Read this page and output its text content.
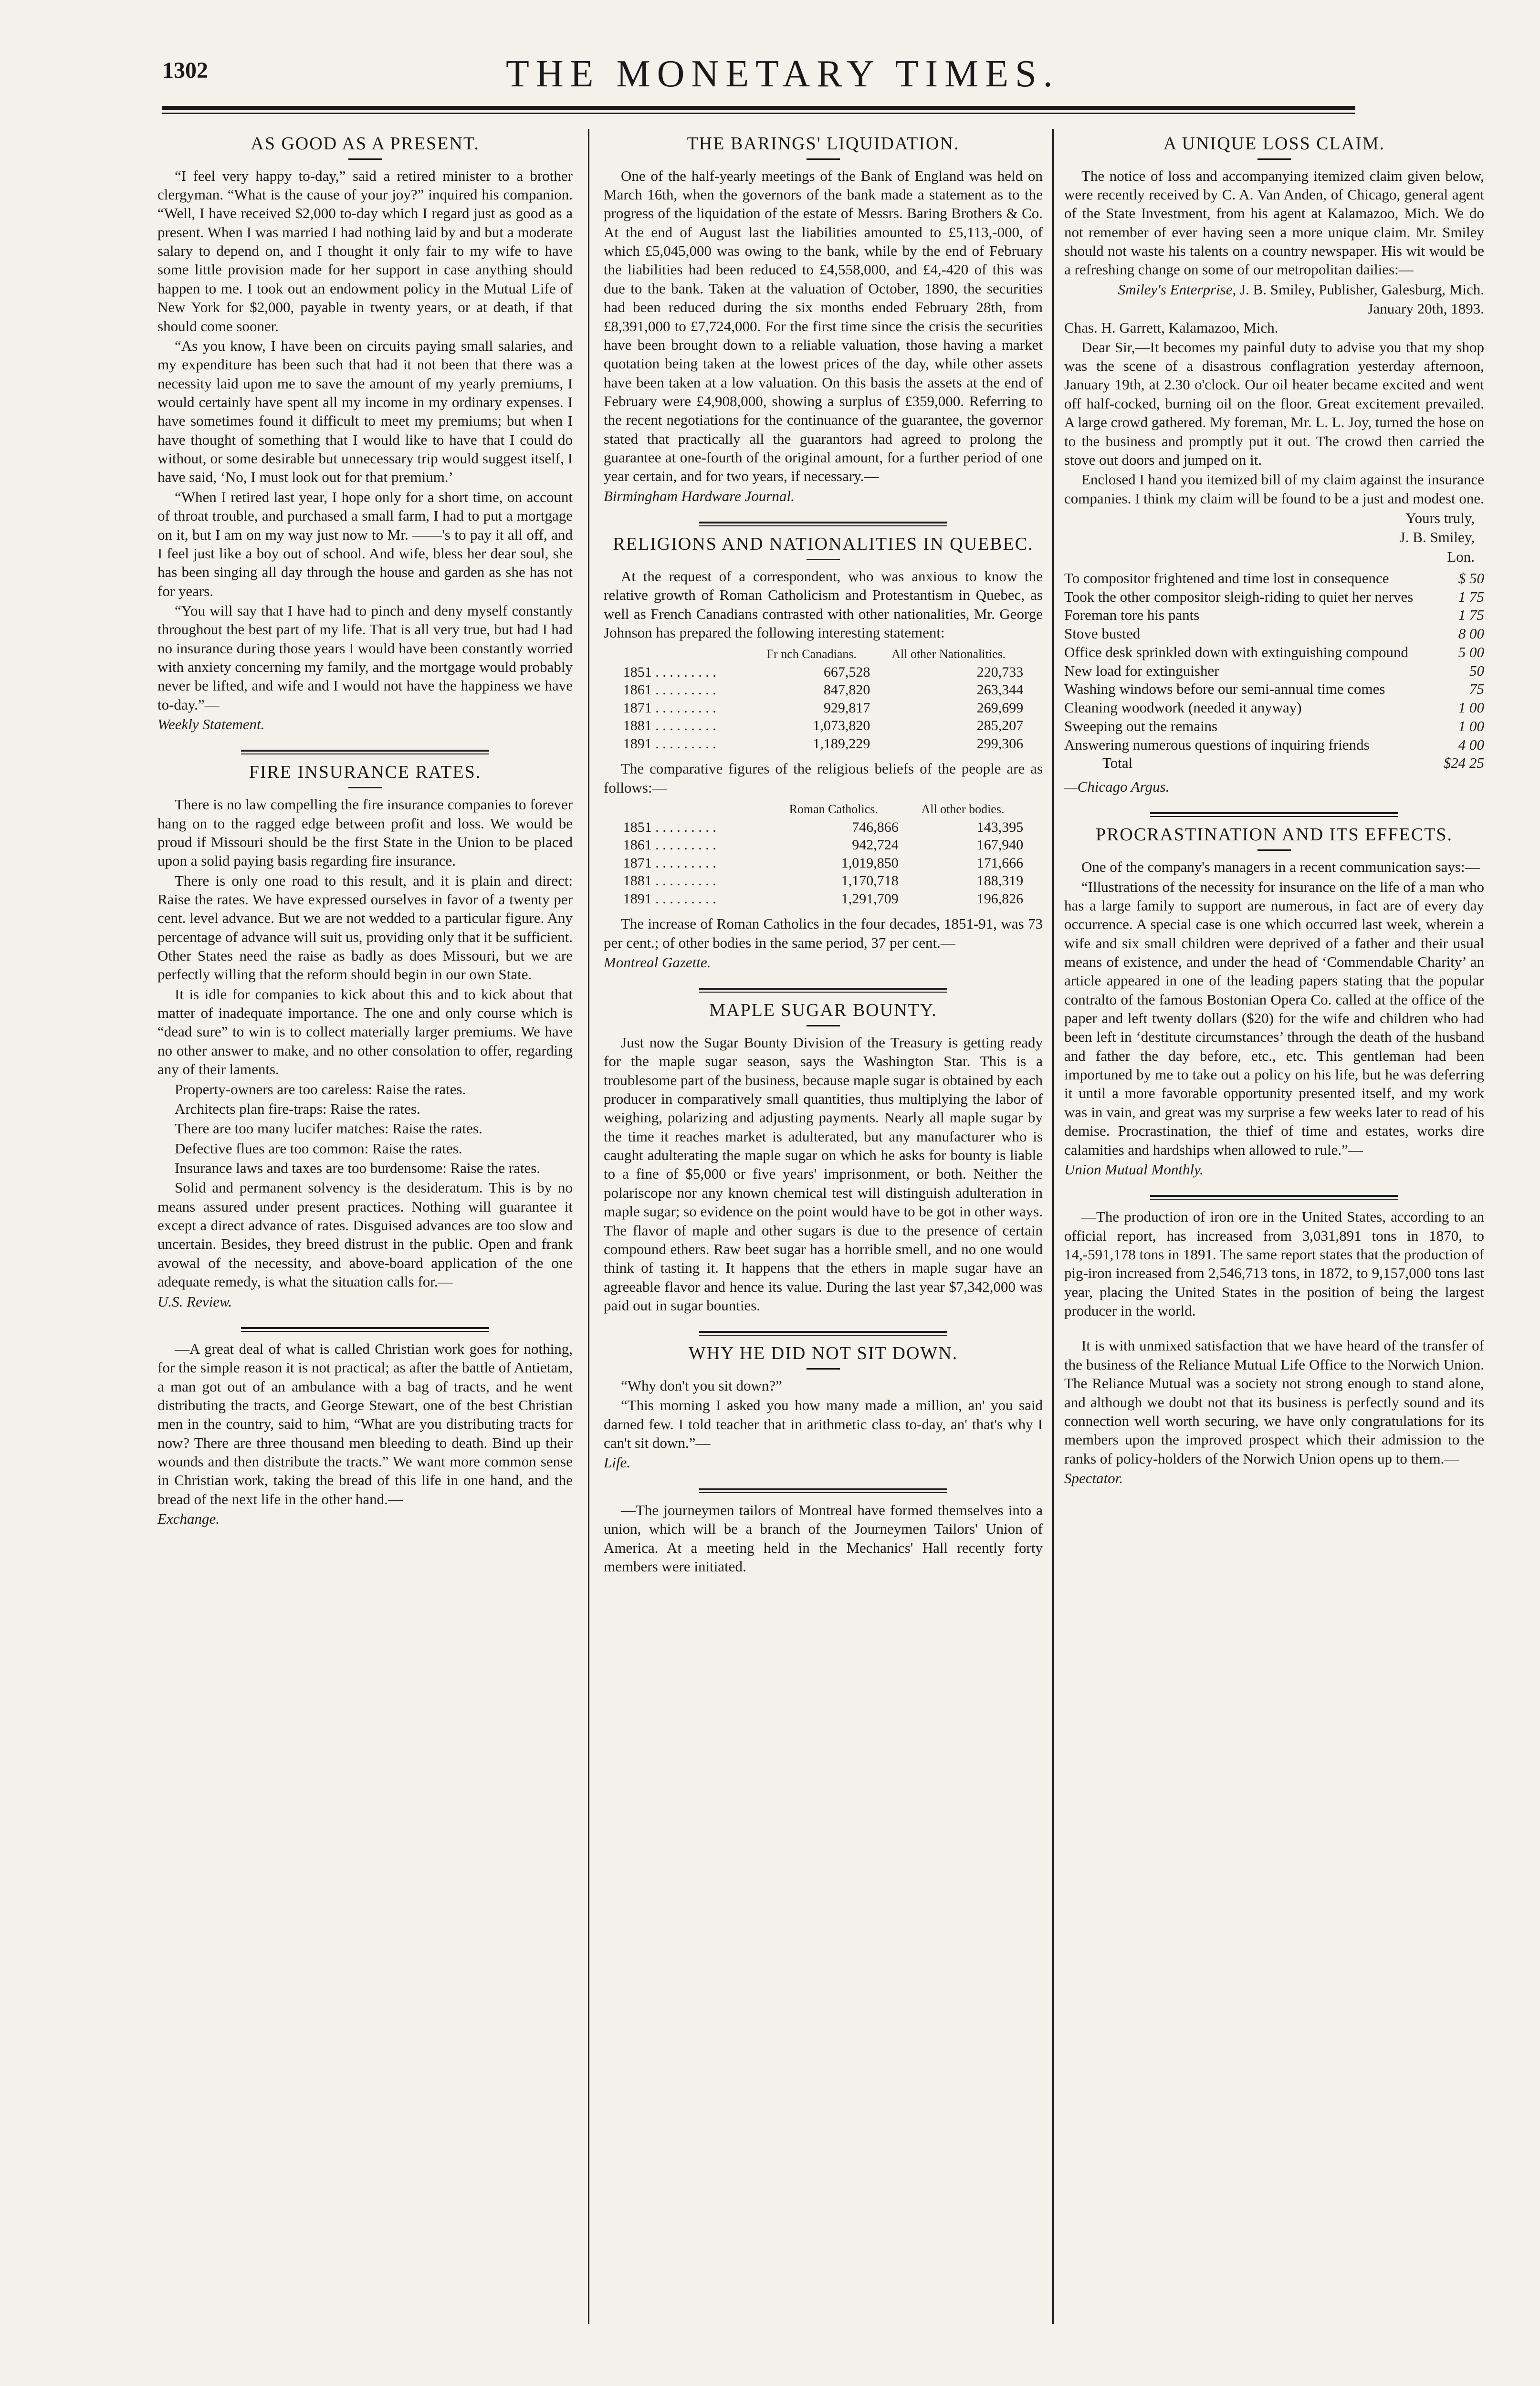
1302	THE MONETARY TIMES.
AS GOOD AS A PRESENT.

“I feel very happy to-day,” said a retired minister to a brother clergyman. “What is the cause of your joy?” inquired his companion. “Well, I have received $2,000 to-day which I regard just as good as a present. When I was married I had nothing laid by and but a moderate salary to depend on, and I thought it only fair to my wife to have some little provision made for her support in case anything should happen to me. I took out an endowment policy in the Mutual Life of New York for $2,000, payable in twenty years, or at death, if that should come sooner.

“As you know, I have been on circuits paying small salaries, and my expenditure has been such that had it not been that there was a necessity laid upon me to save the amount of my yearly premiums, I would certainly have spent all my income in my ordinary expenses. I have sometimes found it difficult to meet my premiums; but when I have thought of something that I would like to have that I could do without, or some desirable but unnecessary trip would suggest itself, I have said, ‘No, I must look out for that premium.’

“When I retired last year, I hope only for a short time, on account of throat trouble, and purchased a small farm, I had to put a mortgage on it, but I am on my way just now to Mr. ——'s to pay it all off, and I feel just like a boy out of school. And wife, bless her dear soul, she has been singing all day through the house and garden as she has not for years.

“You will say that I have had to pinch and deny myself constantly throughout the best part of my life. That is all very true, but had I had no insurance during those years I would have been constantly worried with anxiety concerning my family, and the mortgage would probably never be lifted, and wife and I would not have the happiness we have to-day.”—

Weekly Statement.

FIRE INSURANCE RATES.

There is no law compelling the fire insurance companies to forever hang on to the ragged edge between profit and loss. We would be proud if Missouri should be the first State in the Union to be placed upon a solid paying basis regarding fire insurance.

There is only one road to this result, and it is plain and direct: Raise the rates. We have expressed ourselves in favor of a twenty per cent. level advance. But we are not wedded to a particular figure. Any percentage of advance will suit us, providing only that it be sufficient. Other States need the raise as badly as does Missouri, but we are perfectly willing that the reform should begin in our own State.

It is idle for companies to kick about this and to kick about that matter of inadequate importance. The one and only course which is “dead sure” to win is to collect materially larger premiums. We have no other answer to make, and no other consolation to offer, regarding any of their laments.

Property-owners are too careless: Raise the rates.

Architects plan fire-traps: Raise the rates.

There are too many lucifer matches: Raise the rates.

Defective flues are too common: Raise the rates.

Insurance laws and taxes are too burdensome: Raise the rates.

Solid and permanent solvency is the desideratum. This is by no means assured under present practices. Nothing will guarantee it except a direct advance of rates. Disguised advances are too slow and uncertain. Besides, they breed distrust in the public. Open and frank avowal of the necessity, and above-board application of the one adequate remedy, is what the situation calls for.—

U.S. Review.

—A great deal of what is called Christian work goes for nothing, for the simple reason it is not practical; as after the battle of Antietam, a man got out of an ambulance with a bag of tracts, and he went distributing the tracts, and George Stewart, one of the best Christian men in the country, said to him, “What are you distributing tracts for now? There are three thousand men bleeding to death. Bind up their wounds and then distribute the tracts.” We want more common sense in Christian work, taking the bread of this life in one hand, and the bread of the next life in the other hand.—

Exchange.

THE BARINGS' LIQUIDATION.

One of the half-yearly meetings of the Bank of England was held on March 16th, when the governors of the bank made a statement as to the progress of the liquidation of the estate of Messrs. Baring Brothers & Co. At the end of August last the liabilities amounted to £5,113,-000, of which £5,045,000 was owing to the bank, while by the end of February the liabilities had been reduced to £4,558,000, and £4,-420 of this was due to the bank. Taken at the valuation of October, 1890, the securities had been reduced during the six months ended February 28th, from £8,391,000 to £7,724,000. For the first time since the crisis the securities have been brought down to a reliable valuation, those having a market quotation being taken at the lowest prices of the day, while other assets have been taken at a low valuation. On this basis the assets at the end of February were £4,908,000, showing a surplus of £359,000. Referring to the recent negotiations for the continuance of the guarantee, the governor stated that practically all the guarantors had agreed to prolong the guarantee at one-fourth of the original amount, for a further period of one year certain, and for two years, if necessary.—

Birmingham Hardware Journal.

RELIGIONS AND NATIONALITIES IN QUEBEC.

At the request of a correspondent, who was anxious to know the relative growth of Roman Catholicism and Protestantism in Quebec, as well as French Canadians contrasted with other nationalities, Mr. George Johnson has prepared the following interesting statement:

	Fr nch Canadians.	All other Nationalities.
1851 . . . . . . . . .	667,528	220,733
1861 . . . . . . . . .	847,820	263,344
1871 . . . . . . . . .	929,817	269,699
1881 . . . . . . . . .	1,073,820	285,207
1891 . . . . . . . . .	1,189,229	299,306

The comparative figures of the religious beliefs of the people are as follows:—

	Roman Catholics.	All other bodies.
1851 . . . . . . . . .	746,866	143,395
1861 . . . . . . . . .	942,724	167,940
1871 . . . . . . . . .	1,019,850	171,666
1881 . . . . . . . . .	1,170,718	188,319
1891 . . . . . . . . .	1,291,709	196,826

The increase of Roman Catholics in the four decades, 1851-91, was 73 per cent.; of other bodies in the same period, 37 per cent.—

Montreal Gazette.

MAPLE SUGAR BOUNTY.

Just now the Sugar Bounty Division of the Treasury is getting ready for the maple sugar season, says the Washington Star. This is a troublesome part of the business, because maple sugar is obtained by each producer in comparatively small quantities, thus multiplying the labor of weighing, polarizing and adjusting payments. Nearly all maple sugar by the time it reaches market is adulterated, but any manufacturer who is caught adulterating the maple sugar on which he asks for bounty is liable to a fine of $5,000 or five years' imprisonment, or both. Neither the polariscope nor any known chemical test will distinguish adulteration in maple sugar; so evidence on the point would have to be got in other ways. The flavor of maple and other sugars is due to the presence of certain compound ethers. Raw beet sugar has a horrible smell, and no one would think of tasting it. It happens that the ethers in maple sugar have an agreeable flavor and hence its value. During the last year $7,342,000 was paid out in sugar bounties.

WHY HE DID NOT SIT DOWN.

“Why don't you sit down?”

“This morning I asked you how many made a million, an' you said darned few. I told teacher that in arithmetic class to-day, an' that's why I can't sit down.”—

Life.

—The journeymen tailors of Montreal have formed themselves into a union, which will be a branch of the Journeymen Tailors' Union of America. At a meeting held in the Mechanics' Hall recently forty members were initiated.

A UNIQUE LOSS CLAIM.

The notice of loss and accompanying itemized claim given below, were recently received by C. A. Van Anden, of Chicago, general agent of the State Investment, from his agent at Kalamazoo, Mich. We do not remember of ever having seen a more unique claim. Mr. Smiley should not waste his talents on a country newspaper. His wit would be a refreshing change on some of our metropolitan dailies:—

Smiley's Enterprise, J. B. Smiley, Publisher, Galesburg, Mich.
January 20th, 1893.
Chas. H. Garrett, Kalamazoo, Mich.

Dear Sir,—It becomes my painful duty to advise you that my shop was the scene of a disastrous conflagration yesterday afternoon, January 19th, at 2.30 o'clock. Our oil heater became excited and went off half-cocked, burning oil on the floor. Great excitement prevailed. A large crowd gathered. My foreman, Mr. L. L. Joy, turned the hose on to the business and promptly put it out. The crowd then carried the stove out doors and jumped on it.

Enclosed I hand you itemized bill of my claim against the insurance companies. I think my claim will be found to be a just and modest one.

Yours truly,
J. B. Smiley,
Lon.
To compositor frightened and time lost in consequence	$ 50
Took the other compositor sleigh-riding to quiet her nerves	1 75
Foreman tore his pants	1 75
Stove busted	8 00
Office desk sprinkled down with extinguishing compound	5 00
New load for extinguisher	50
Washing windows before our semi-annual time comes	75
Cleaning woodwork (needed it anyway)	1 00
Sweeping out the remains	1 00
Answering numerous questions of inquiring friends	4 00
Total	$24 25

—Chicago Argus.

PROCRASTINATION AND ITS EFFECTS.

One of the company's managers in a recent communication says:—

“Illustrations of the necessity for insurance on the life of a man who has a large family to support are numerous, in fact are of every day occurrence. A special case is one which occurred last week, wherein a wife and six small children were deprived of a father and their usual means of existence, and under the head of ‘Commendable Charity’ an article appeared in one of the leading papers stating that the popular contralto of the famous Bostonian Opera Co. called at the office of the paper and left twenty dollars ($20) for the wife and children who had been left in ‘destitute circumstances’ through the death of the husband and father the day before, etc., etc. This gentleman had been importuned by me to take out a policy on his life, but he was deferring it until a more favorable opportunity presented itself, and my work was in vain, and great was my surprise a few weeks later to read of his demise. Procrastination, the thief of time and estates, works dire calamities and hardships when allowed to rule.”—

Union Mutual Monthly.

—The production of iron ore in the United States, according to an official report, has increased from 3,031,891 tons in 1870, to 14,-591,178 tons in 1891. The same report states that the production of pig-iron increased from 2,546,713 tons, in 1872, to 9,157,000 tons last year, placing the United States in the position of being the largest producer in the world.

It is with unmixed satisfaction that we have heard of the transfer of the business of the Reliance Mutual Life Office to the Norwich Union. The Reliance Mutual was a society not strong enough to stand alone, and although we doubt not that its business is perfectly sound and its connection well worth securing, we have only congratulations for its members upon the improved prospect which their admission to the ranks of policy-holders of the Norwich Union opens up to them.—

Spectator.
